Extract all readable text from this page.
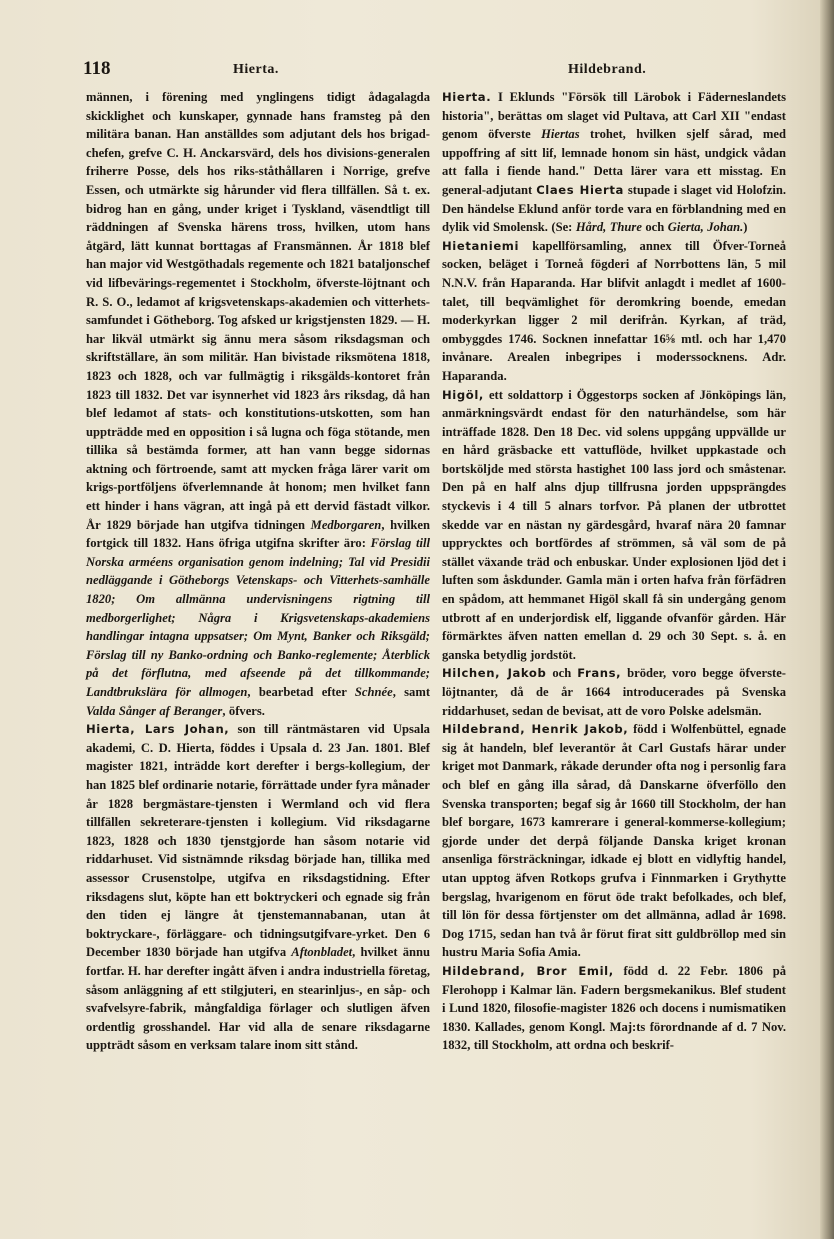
118	Hierta.	Hildebrand.

männen, i förening med ynglingens tidigt ådagalagda skicklighet och kunskaper, gynnade hans framsteg på den militära banan. Han anställdes som adjutant dels hos brigad-chefen, grefve C. H. Anckarsvärd, dels hos divisions-generalen friherre Posse, dels hos riks-ståthållaren i Norrige, grefve Essen, och utmärkte sig hårunder vid flera tillfällen. Så t. ex. bidrog han en gång, under kriget i Tyskland, väsendtligt till räddningen af Svenska härens tross, hvilken, utom hans åtgärd, lätt kunnat borttagas af Fransmännen. År 1818 blef han major vid Westgöthadals regemente och 1821 bataljonschef vid lifbevärings-regementet i Stockholm, öfverste-löjtnant och R. S. O., ledamot af krigsvetenskaps-akademien och vitterhets-samfundet i Götheborg. Tog afsked ur krigstjensten 1829. — H. har likväl utmärkt sig ännu mera såsom riksdagsman och skriftställare, än som militär. Han bivistade riksmötena 1818, 1823 och 1828, och var fullmägtig i riksgälds-kontoret från 1823 till 1832. Det var isynnerhet vid 1823 års riksdag, då han blef ledamot af stats- och konstitutions-utskotten, som han uppträdde med en opposition i så lugna och föga stötande, men tillika så bestämda former, att han vann begge sidornas aktning och förtroende, samt att mycken fråga lärer varit om krigs-portföljens öfverlemnande åt honom; men hvilket fann ett hinder i hans vägran, att ingå på ett dervid fästadt vilkor. År 1829 började han utgifva tidningen Medborgaren, hvilken fortgick till 1832. Hans öfriga utgifna skrifter äro: Förslag till Norska arméens organisation genom indelning; Tal vid Presidii nedläggande i Götheborgs Vetenskaps- och Vitterhets-samhälle 1820; Om allmänna undervisningens rigtning till medborgerlighet; Några i Krigsvetenskaps-akademiens handlingar intagna uppsatser; Om Mynt, Banker och Riksgäld; Förslag till ny Banko-ordning och Banko-reglemente; Återblick på det förflutna, med afseende på det tillkommande; Landtbrukslära för allmogen, bearbetad efter Schnée, samt Valda Sånger af Beranger, öfvers.

Hierta, Lars Johan, son till räntmästaren vid Upsala akademi, C. D. Hierta, föddes i Upsala d. 23 Jan. 1801. Blef magister 1821, inträdde kort derefter i bergs-kollegium, der han 1825 blef ordinarie notarie, förrättade under fyra månader år 1828 bergmästare-tjensten i Wermland och vid flera tillfällen sekreterare-tjensten i kollegium. Vid riksdagarne 1823, 1828 och 1830 tjenstgjorde han såsom notarie vid riddarhuset. Vid sistnämnde riksdag började han, tillika med assessor Crusenstolpe, utgifva en riksdagstidning. Efter riksdagens slut, köpte han ett boktryckeri och egnade sig från den tiden ej längre åt tjenstemannabanan, utan åt boktryckare-, förläggare- och tidningsutgifvare-yrket. Den 6 December 1830 började han utgifva Aftonbladet, hvilket ännu fortfar. H. har derefter ingått äfven i andra industriella företag, såsom anläggning af ett stilgjuteri, en stearinljus-, en såp- och svafvelsyre-fabrik, mångfaldiga förlager och slutligen äfven ordentlig grosshandel. Har vid alla de senare riksdagarne uppträdt såsom en verksam talare inom sitt stånd.

Hierta. I Eklunds "Försök till Lärobok i Fäderneslandets historia", berättas om slaget vid Pultava, att Carl XII "endast genom öfverste Hiertas trohet, hvilken sjelf sårad, med uppoffring af sitt lif, lemnade honom sin häst, undgick vådan att falla i fiende hand." Detta lärer vara ett misstag. En general-adjutant Claes Hierta stupade i slaget vid Holofzin. Den händelse Eklund anför torde vara en förblandning med en dylik vid Smolensk. (Se: Hård, Thure och Gierta, Johan.)

Hietaniemi kapellförsamling, annex till Öfver-Torneå socken, beläget i Torneå fögderi af Norrbottens län, 5 mil N.N.V. från Haparanda. Har blifvit anlagdt i medlet af 1600-talet, till beqvämlighet för deromkring boende, emedan moderkyrkan ligger 2 mil derifrån. Kyrkan, af träd, ombyggdes 1746. Socknen innefattar 16⅝ mtl. och har 1,470 invånare. Arealen inbegripes i moderssocknens. Adr. Haparanda.

Higöl, ett soldattorp i Öggestorps socken af Jönköpings län, anmärkningsvärdt endast för den naturhändelse, som här inträffade 1828. Den 18 Dec. vid solens uppgång uppvällde ur en hård gräsbacke ett vattuflöde, hvilket uppkastade och bortsköljde med största hastighet 100 lass jord och småstenar. Den på en half alns djup tillfrusna jorden uppsprängdes styckevis i 4 till 5 alnars torfvor. På planen der utbrottet skedde var en nästan ny gärdesgård, hvaraf nära 20 famnar upprycktes och bortfördes af strömmen, så väl som de på stället växande träd och enbuskar. Under explosionen ljöd det i luften som åskdunder. Gamla män i orten hafva från förfädren en spådom, att hemmanet Higöl skall få sin undergång genom utbrott af en underjordisk elf, liggande ofvanför gården. Här förmärktes äfven natten emellan d. 29 och 30 Sept. s. å. en ganska betydlig jordstöt.

Hilchen, Jakob och Frans, bröder, voro begge öfverste-löjtnanter, då de år 1664 introducerades på Svenska riddarhuset, sedan de bevisat, att de voro Polske adelsmän.

Hildebrand, Henrik Jakob, född i Wolfenbüttel, egnade sig åt handeln, blef leverantör åt Carl Gustafs härar under kriget mot Danmark, råkade derunder ofta nog i personlig fara och blef en gång illa sårad, då Danskarne öfverföllo den Svenska transporten; begaf sig år 1660 till Stockholm, der han blef borgare, 1673 kamrerare i general-kommerse-kollegium; gjorde under det derpå följande Danska kriget kronan ansenliga försträckningar, idkade ej blott en vidlyftig handel, utan upptog äfven Rotkops grufva i Finnmarken i Grythytte bergslag, hvarigenom en förut öde trakt befolkades, och blef, till lön för dessa förtjenster om det allmänna, adlad år 1698. Dog 1715, sedan han två år förut firat sitt guldbröllop med sin hustru Maria Sofia Amia.

Hildebrand, Bror Emil, född d. 22 Febr. 1806 på Flerohopp i Kalmar län. Fadern bergsmekanikus. Blef student i Lund 1820, filosofie-magister 1826 och docens i numismatiken 1830. Kallades, genom Kongl. Maj:ts förordnande af d. 7 Nov. 1832, till Stockholm, att ordna och beskrif-
